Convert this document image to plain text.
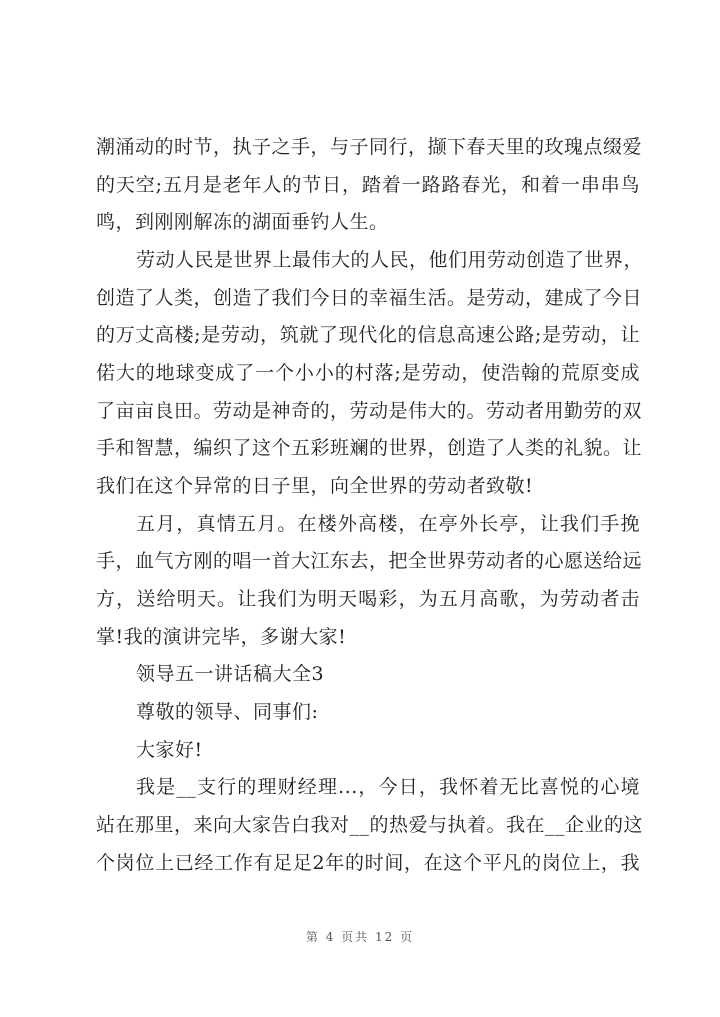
潮涌动的时节，执子之手，与子同行，撷下春天里的玫瑰点缀爱
的天空;五月是老年人的节日，踏着一路路春光，和着一串串鸟
鸣，到刚刚解冻的湖面垂钓人生。
劳动人民是世界上最伟大的人民，他们用劳动创造了世界，
创造了人类，创造了我们今日的幸福生活。是劳动，建成了今日
的万丈高楼;是劳动，筑就了现代化的信息高速公路;是劳动，让
偌大的地球变成了一个小小的村落;是劳动，使浩翰的荒原变成
了亩亩良田。劳动是神奇的，劳动是伟大的。劳动者用勤劳的双
手和智慧，编织了这个五彩班斓的世界，创造了人类的礼貌。让
我们在这个异常的日子里，向全世界的劳动者致敬!
五月，真情五月。在楼外高楼，在亭外长亭，让我们手挽
手，血气方刚的唱一首大江东去，把全世界劳动者的心愿送给远
方，送给明天。让我们为明天喝彩，为五月高歌，为劳动者击
掌!我的演讲完毕，多谢大家!
领导五一讲话稿大全3
尊敬的领导、同事们:
大家好!
我是__支行的理财经理...，今日，我怀着无比喜悦的心境
站在那里，来向大家告白我对__的热爱与执着。我在__企业的这
个岗位上已经工作有足足2年的时间，在这个平凡的岗位上，我
第 4 页共 12 页
